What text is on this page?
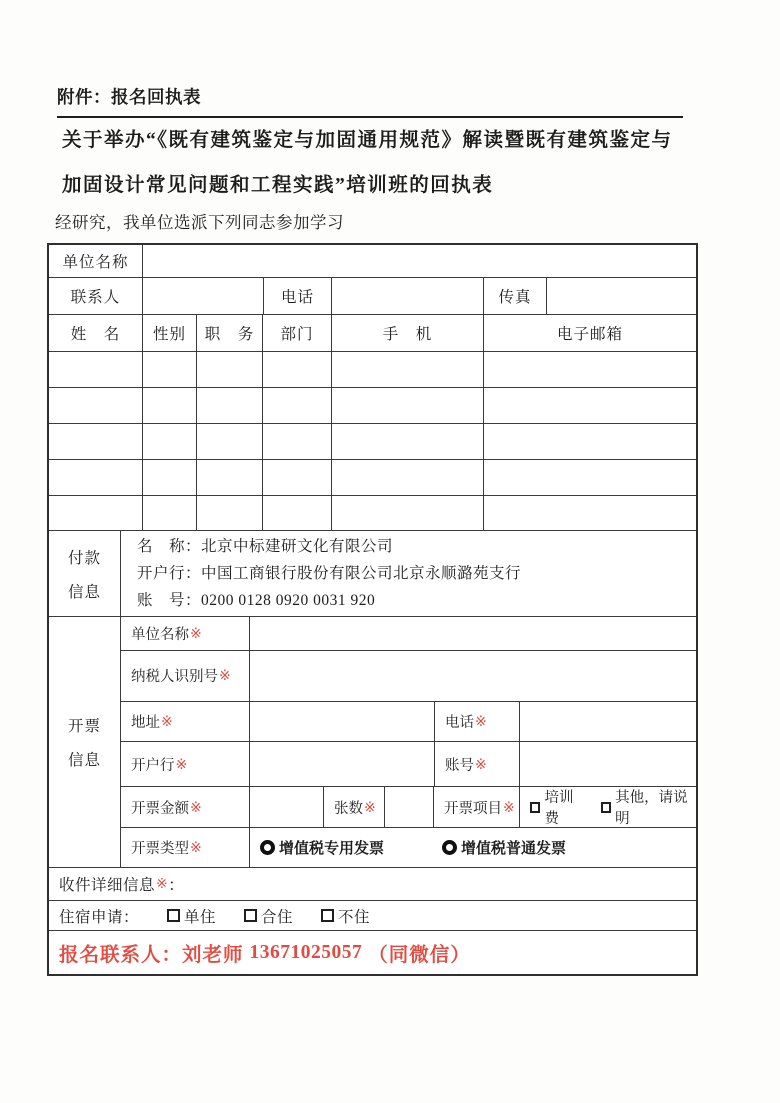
附件：报名回执表
关于举办“《既有建筑鉴定与加固通用规范》解读暨既有建筑鉴定与
加固设计常见问题和工程实践”培训班的回执表
经研究，我单位选派下列同志参加学习
单位名称
联系人	电话	传真
姓　名	性别	职　务	部门	手　机	电子邮箱
付款
信息
名　称：北京中标建研文化有限公司
开户行：中国工商银行股份有限公司北京永顺潞苑支行
账　号：0200 0128 0920 0031 920
开票
信息
单位名称 ※
纳税人识别号 ※
地址 ※	电话 ※
开户行 ※	账号 ※
开票金额 ※	张数 ※	开票项目 ※
培训费
其他，请说明
开票类型 ※	增值税专用发票	增值税普通发票
收件详细信息 ※ ：
住宿申请：	单住	合住	不住
报名联系人：刘老师 13671025057 （同微信）
